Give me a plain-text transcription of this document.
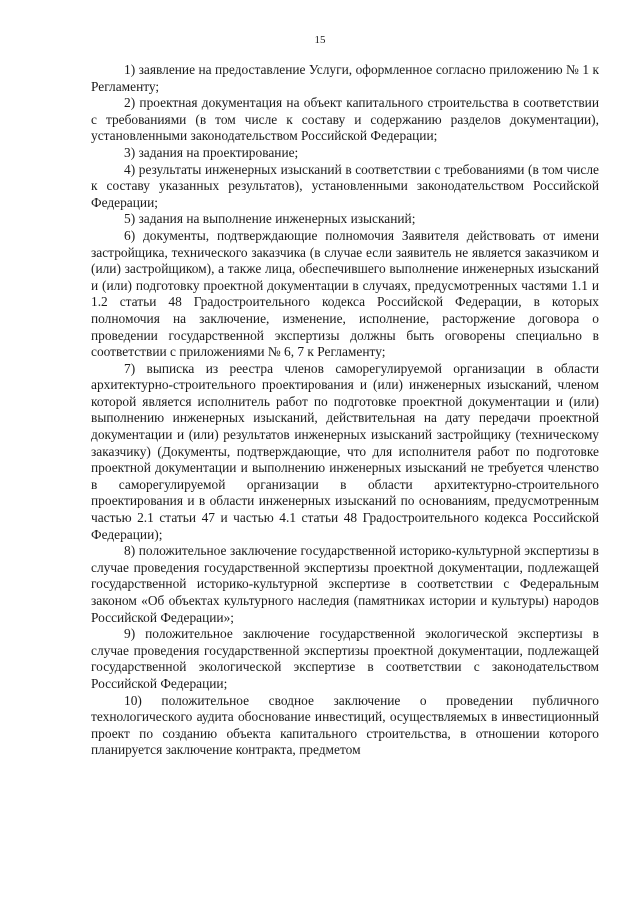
15

1) заявление на предоставление Услуги, оформленное согласно приложению № 1 к Регламенту;

2) проектная документация на объект капитального строительства в соответствии с требованиями (в том числе к составу и содержанию разделов документации), установленными законодательством Российской Федерации;

3) задания на проектирование;

4) результаты инженерных изысканий в соответствии с требованиями (в том числе к составу указанных результатов), установленными законодательством Российской Федерации;

5) задания на выполнение инженерных изысканий;

6) документы, подтверждающие полномочия Заявителя действовать от имени застройщика, технического заказчика (в случае если заявитель не является заказчиком и (или) застройщиком), а также лица, обеспечившего выполнение инженерных изысканий и (или) подготовку проектной документации в случаях, предусмотренных частями 1.1 и 1.2 статьи 48 Градостроительного кодекса Российской Федерации, в которых полномочия на заключение, изменение, исполнение, расторжение договора о проведении государственной экспертизы должны быть оговорены специально в соответствии с приложениями № 6, 7 к Регламенту;

7) выписка из реестра членов саморегулируемой организации в области архитектурно-строительного проектирования и (или) инженерных изысканий, членом которой является исполнитель работ по подготовке проектной документации и (или) выполнению инженерных изысканий, действительная на дату передачи проектной документации и (или) результатов инженерных изысканий застройщику (техническому заказчику) (Документы, подтверждающие, что для исполнителя работ по подготовке проектной документации и выполнению инженерных изысканий не требуется членство в саморегулируемой организации в области архитектурно-строительного проектирования и в области инженерных изысканий по основаниям, предусмотренным частью 2.1 статьи 47 и частью 4.1 статьи 48 Градостроительного кодекса Российской Федерации);

8) положительное заключение государственной историко-культурной экспертизы в случае проведения государственной экспертизы проектной документации, подлежащей государственной историко-культурной экспертизе в соответствии с Федеральным законом «Об объектах культурного наследия (памятниках истории и культуры) народов Российской Федерации»;

9) положительное заключение государственной экологической экспертизы в случае проведения государственной экспертизы проектной документации, подлежащей государственной экологической экспертизе в соответствии с законодательством Российской Федерации;

10) положительное сводное заключение о проведении публичного технологического аудита обоснование инвестиций, осуществляемых в инвестиционный проект по созданию объекта капитального строительства, в отношении которого планируется заключение контракта, предметом
